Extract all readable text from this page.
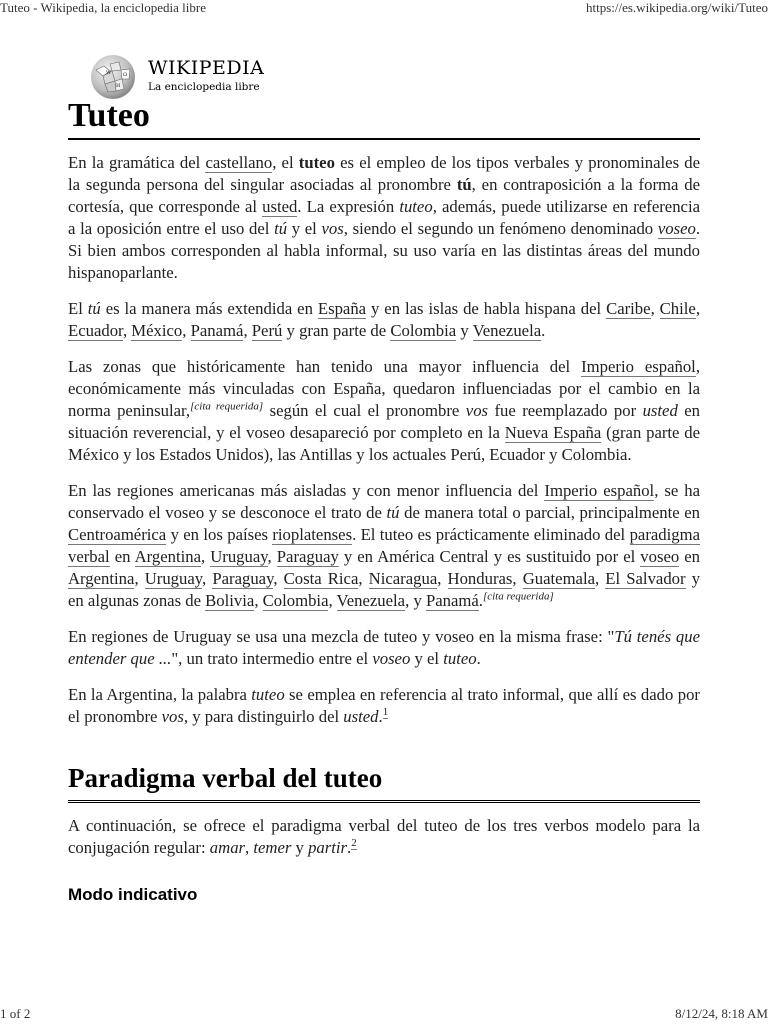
Tuteo - Wikipedia, la enciclopedia libre	https://es.wikipedia.org/wiki/Tuteo
W Ω
И
WIKIPEDIA
La enciclopedia libre
Tuteo

En la gramática del castellano, el tuteo es el empleo de los tipos verbales y pronominales de la segunda persona del singular asociadas al pronombre tú, en contraposición a la forma de cortesía, que corresponde al usted. La expresión tuteo, además, puede utilizarse en referencia a la oposición entre el uso del tú y el vos, siendo el segundo un fenómeno denominado voseo. Si bien ambos corresponden al habla informal, su uso varía en las distintas áreas del mundo hispanoparlante.

El tú es la manera más extendida en España y en las islas de habla hispana del Caribe, Chile, Ecuador, México, Panamá, Perú y gran parte de Colombia y Venezuela.

Las zonas que históricamente han tenido una mayor influencia del Imperio español, económicamente más vinculadas con España, quedaron influenciadas por el cambio en la norma peninsular,[cita requerida] según el cual el pronombre vos fue reemplazado por usted en situación reverencial, y el voseo desapareció por completo en la Nueva España (gran parte de México y los Estados Unidos), las Antillas y los actuales Perú, Ecuador y Colombia.

En las regiones americanas más aisladas y con menor influencia del Imperio español, se ha conservado el voseo y se desconoce el trato de tú de manera total o parcial, principalmente en Centroamérica y en los países rioplatenses. El tuteo es prácticamente eliminado del paradigma verbal en Argentina, Uruguay, Paraguay y en América Central y es sustituido por el voseo en Argentina, Uruguay, Paraguay, Costa Rica, Nicaragua, Honduras, Guatemala, El Salvador y en algunas zonas de Bolivia, Colombia, Venezuela, y Panamá.[cita requerida]

En regiones de Uruguay se usa una mezcla de tuteo y voseo en la misma frase: "Tú tenés que entender que ...", un trato intermedio entre el voseo y el tuteo.

En la Argentina, la palabra tuteo se emplea en referencia al trato informal, que allí es dado por el pronombre vos, y para distinguirlo del usted.$^1$

Paradigma verbal del tuteo

A continuación, se ofrece el paradigma verbal del tuteo de los tres verbos modelo para la conjugación regular: amar, temer y partir.$^2$

Modo indicativo
1 of 2	8/12/24, 8:18 AM
